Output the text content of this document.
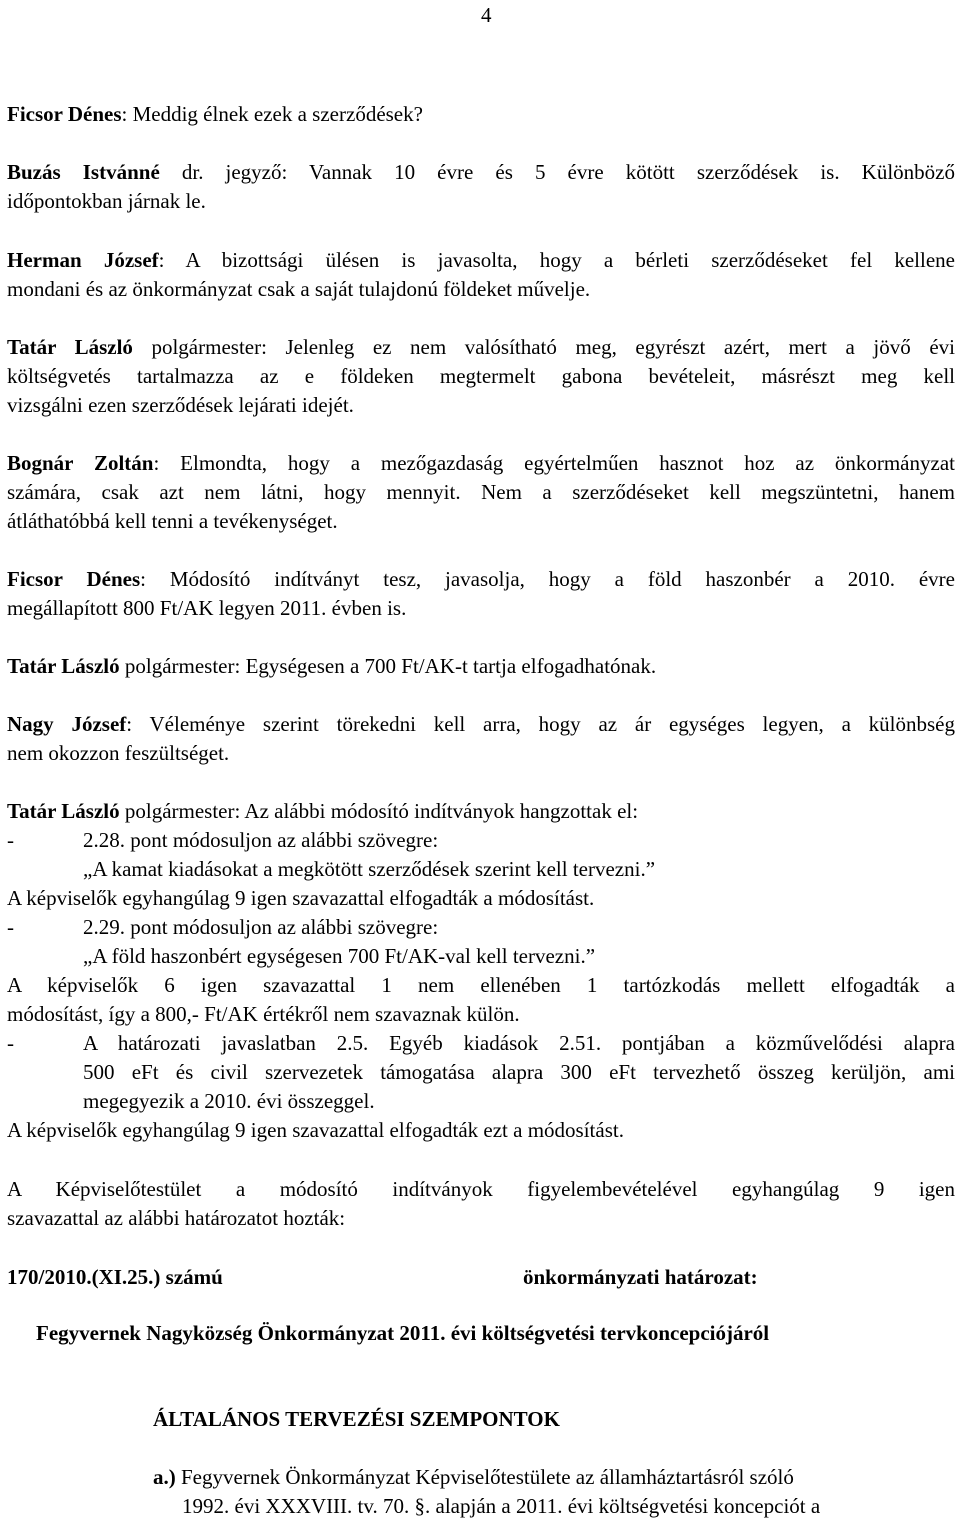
4

Ficsor Dénes: Meddig élnek ezek a szerződések?

Buzás Istvánné dr. jegyző: Vannak 10 évre és 5 évre kötött szerződések is. Különböző

időpontokban járnak le.

Herman József: A bizottsági ülésen is javasolta, hogy a bérleti szerződéseket fel kellene

mondani és az önkormányzat csak a saját tulajdonú földeket művelje.

Tatár László polgármester: Jelenleg ez nem valósítható meg, egyrészt azért, mert a jövő évi

költségvetés tartalmazza az e földeken megtermelt gabona bevételeit, másrészt meg kell

vizsgálni ezen szerződések lejárati idejét.

Bognár Zoltán: Elmondta, hogy a mezőgazdaság egyértelműen hasznot hoz az önkormányzat

számára, csak azt nem látni, hogy mennyit. Nem a szerződéseket kell megszüntetni, hanem

átláthatóbbá kell tenni a tevékenységet.

Ficsor Dénes: Módosító indítványt tesz, javasolja, hogy a föld haszonbér a 2010. évre

megállapított 800 Ft/AK legyen 2011. évben is.

Tatár László polgármester: Egységesen a 700 Ft/AK-t tartja elfogadhatónak.

Nagy József: Véleménye szerint törekedni kell arra, hogy az ár egységes legyen, a különbség

nem okozzon feszültséget.

Tatár László polgármester: Az alábbi módosító indítványok hangzottak el:

-	2.28. pont módosuljon az alábbi szövegre:

„A kamat kiadásokat a megkötött szerződések szerint kell tervezni.”

A képviselők egyhangúlag 9 igen szavazattal elfogadták a módosítást.

-	2.29. pont módosuljon az alábbi szövegre:

„A föld haszonbért egységesen 700 Ft/AK-val kell tervezni.”

A képviselők 6 igen szavazattal 1 nem ellenében 1 tartózkodás mellett elfogadták a

módosítást, így a 800,- Ft/AK értékről nem szavaznak külön.

-	A határozati javaslatban 2.5. Egyéb kiadások 2.51. pontjában a közművelődési alapra

500 eFt és civil szervezetek támogatása alapra 300 eFt tervezhető összeg kerüljön, ami

megegyezik a 2010. évi összeggel.

A képviselők egyhangúlag 9 igen szavazattal elfogadták ezt a módosítást.

A Képviselőtestület a módosító indítványok figyelembevételével egyhangúlag 9 igen

szavazattal az alábbi határozatot hozták:

170/2010.(XI.25.) számú	önkormányzati határozat:
Fegyvernek Nagyközség Önkormányzat 2011. évi költségvetési tervkoncepciójáról
ÁLTALÁNOS TERVEZÉSI SZEMPONTOK
a.) Fegyvernek Önkormányzat Képviselőtestülete az államháztartásról szóló
1992. évi XXXVIII. tv. 70. §. alapján a 2011. évi költségvetési koncepciót a
